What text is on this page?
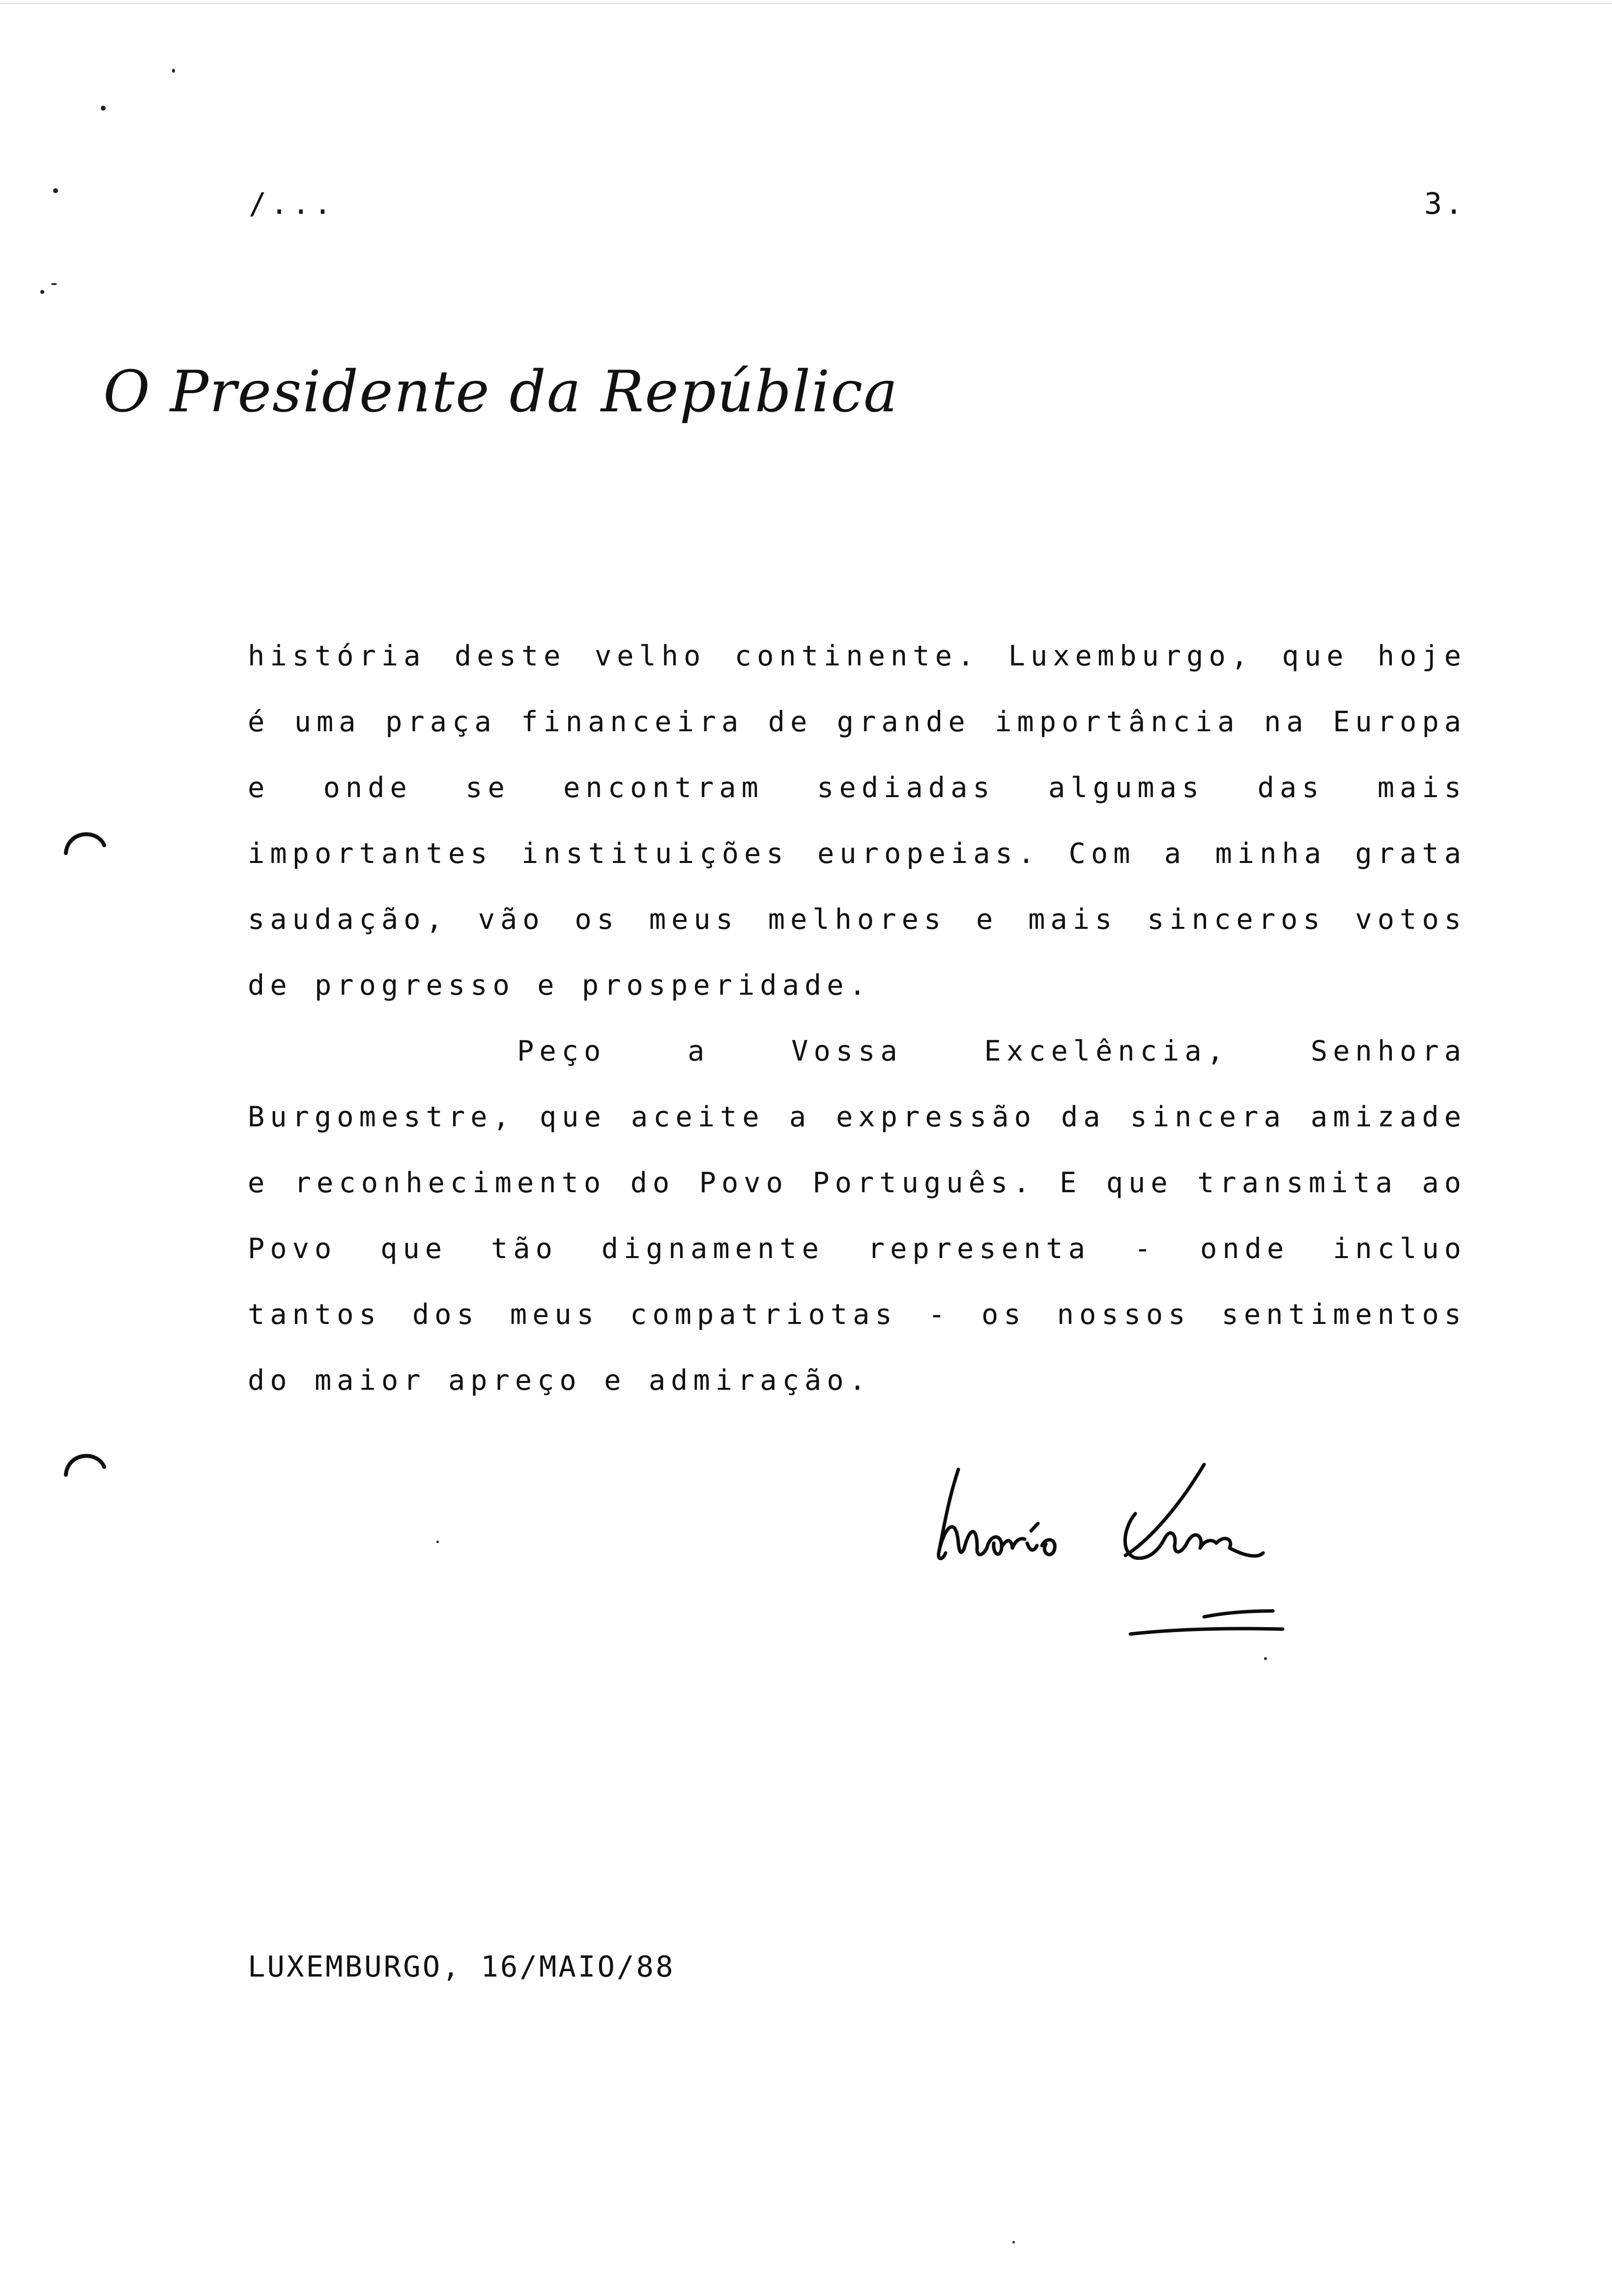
/...	3.
O Presidente da República

história deste velho continente. Luxemburgo, que hoje é uma praça financeira de grande importância na Europa e onde se encontram sediadas algumas das mais importantes instituições europeias. Com a minha grata saudação, vão os meus melhores e mais sinceros votos de progresso e prosperidade.

Peço a Vossa Excelência, Senhora Burgomestre, que aceite a expressão da sincera amizade e reconhecimento do Povo Português. E que transmita ao Povo que tão dignamente representa - onde incluo tantos dos meus compatriotas - os nossos sentimentos do maior apreço e admiração.

LUXEMBURGO, 16/MAIO/88
